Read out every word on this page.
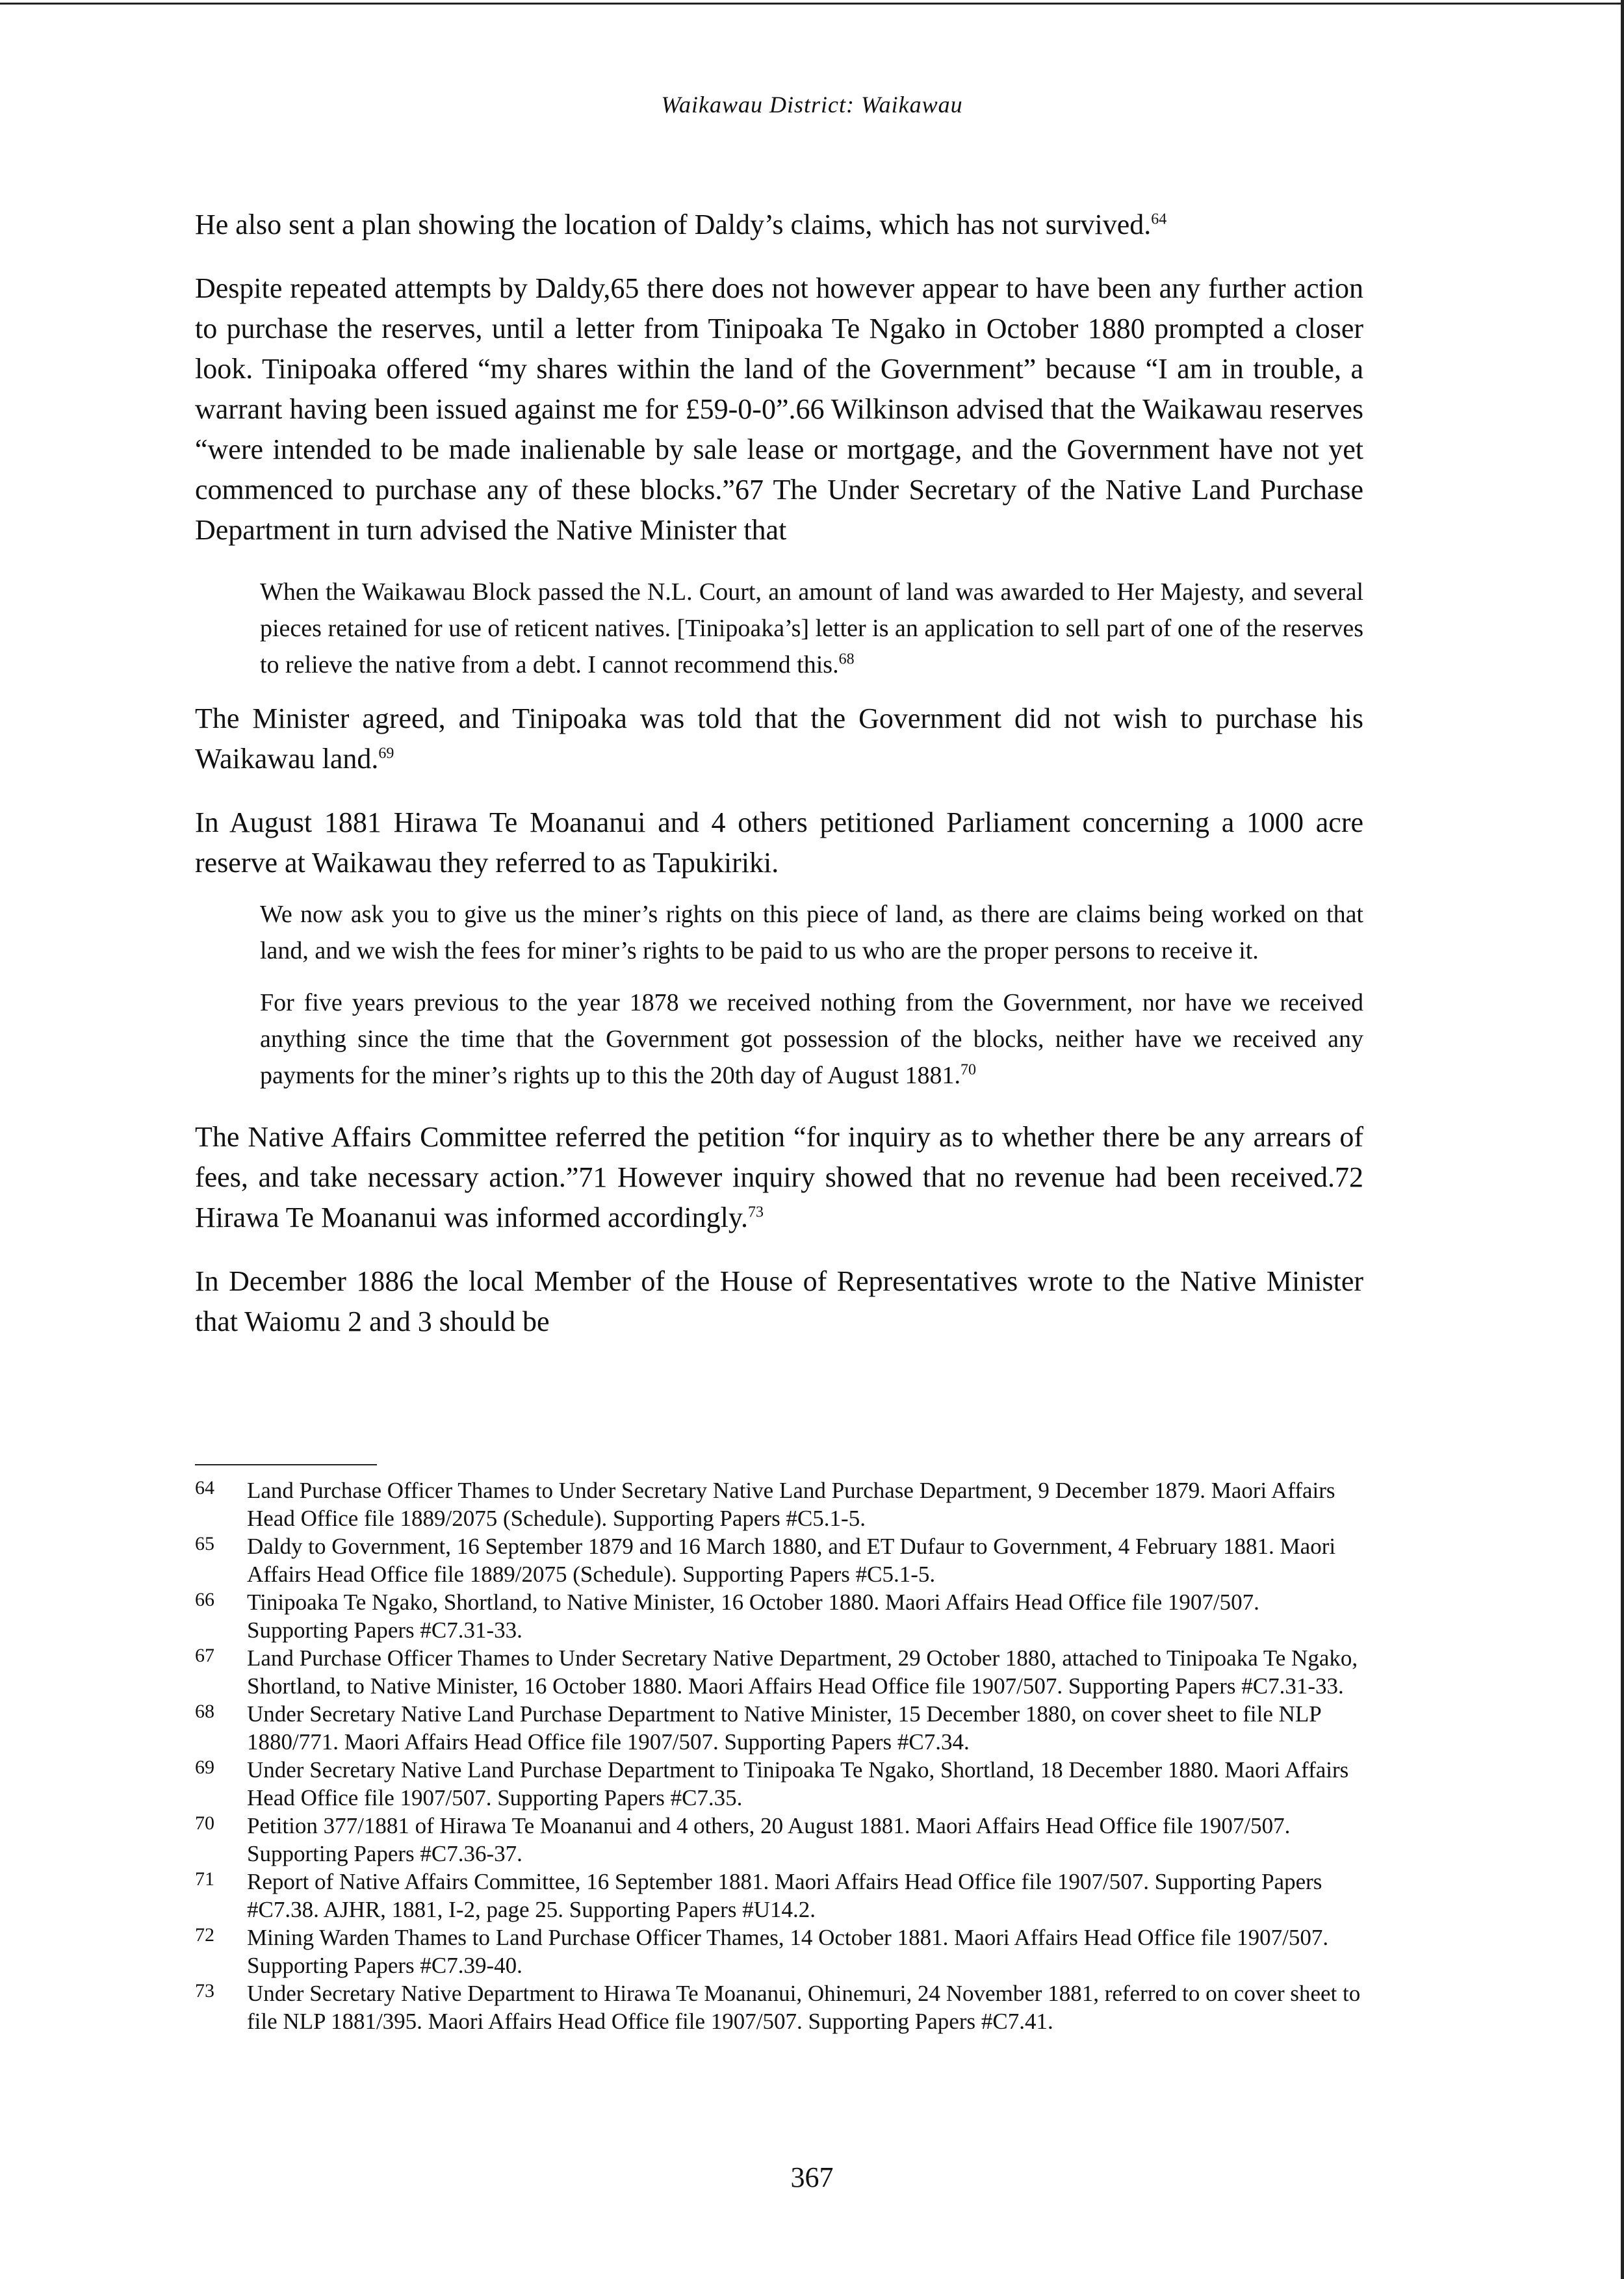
Waikawau District: Waikawau

He also sent a plan showing the location of Daldy’s claims, which has not survived.$^{64}$

Despite repeated attempts by Daldy,65 there does not however appear to have been any further action to purchase the reserves, until a letter from Tinipoaka Te Ngako in October 1880 prompted a closer look. Tinipoaka offered “my shares within the land of the Government” because “I am in trouble, a warrant having been issued against me for £59-0-0”.66 Wilkinson advised that the Waikawau reserves “were intended to be made inalienable by sale lease or mortgage, and the Government have not yet commenced to purchase any of these blocks.”67 The Under Secretary of the Native Land Purchase Department in turn advised the Native Minister that

When the Waikawau Block passed the N.L. Court, an amount of land was awarded to Her Majesty, and several pieces retained for use of reticent natives. [Tinipoaka’s] letter is an application to sell part of one of the reserves to relieve the native from a debt. I cannot recommend this.$^{68}$

The Minister agreed, and Tinipoaka was told that the Government did not wish to purchase his Waikawau land.$^{69}$

In August 1881 Hirawa Te Moananui and 4 others petitioned Parliament concerning a 1000 acre reserve at Waikawau they referred to as Tapukiriki.

We now ask you to give us the miner’s rights on this piece of land, as there are claims being worked on that land, and we wish the fees for miner’s rights to be paid to us who are the proper persons to receive it.

For five years previous to the year 1878 we received nothing from the Government, nor have we received anything since the time that the Government got possession of the blocks, neither have we received any payments for the miner’s rights up to this the 20th day of August 1881.70

The Native Affairs Committee referred the petition “for inquiry as to whether there be any arrears of fees, and take necessary action.”71 However inquiry showed that no revenue had been received.72 Hirawa Te Moananui was informed accordingly.$^{73}$

In December 1886 the local Member of the House of Representatives wrote to the Native Minister that Waiomu 2 and 3 should be

64 Land Purchase Officer Thames to Under Secretary Native Land Purchase Department, 9 December 1879. Maori Affairs Head Office file 1889/2075 (Schedule). Supporting Papers #C5.1-5.
65 Daldy to Government, 16 September 1879 and 16 March 1880, and ET Dufaur to Government, 4 February 1881. Maori Affairs Head Office file 1889/2075 (Schedule). Supporting Papers #C5.1-5.
66 Tinipoaka Te Ngako, Shortland, to Native Minister, 16 October 1880. Maori Affairs Head Office file 1907/507. Supporting Papers #C7.31-33.
67 Land Purchase Officer Thames to Under Secretary Native Department, 29 October 1880, attached to Tinipoaka Te Ngako, Shortland, to Native Minister, 16 October 1880. Maori Affairs Head Office file 1907/507. Supporting Papers #C7.31-33.
68 Under Secretary Native Land Purchase Department to Native Minister, 15 December 1880, on cover sheet to file NLP 1880/771. Maori Affairs Head Office file 1907/507. Supporting Papers #C7.34.
69 Under Secretary Native Land Purchase Department to Tinipoaka Te Ngako, Shortland, 18 December 1880. Maori Affairs Head Office file 1907/507. Supporting Papers #C7.35.
70 Petition 377/1881 of Hirawa Te Moananui and 4 others, 20 August 1881. Maori Affairs Head Office file 1907/507. Supporting Papers #C7.36-37.
71 Report of Native Affairs Committee, 16 September 1881. Maori Affairs Head Office file 1907/507. Supporting Papers #C7.38. AJHR, 1881, I-2, page 25. Supporting Papers #U14.2.
72 Mining Warden Thames to Land Purchase Officer Thames, 14 October 1881. Maori Affairs Head Office file 1907/507. Supporting Papers #C7.39-40.
73 Under Secretary Native Department to Hirawa Te Moananui, Ohinemuri, 24 November 1881, referred to on cover sheet to file NLP 1881/395. Maori Affairs Head Office file 1907/507. Supporting Papers #C7.41.
367
